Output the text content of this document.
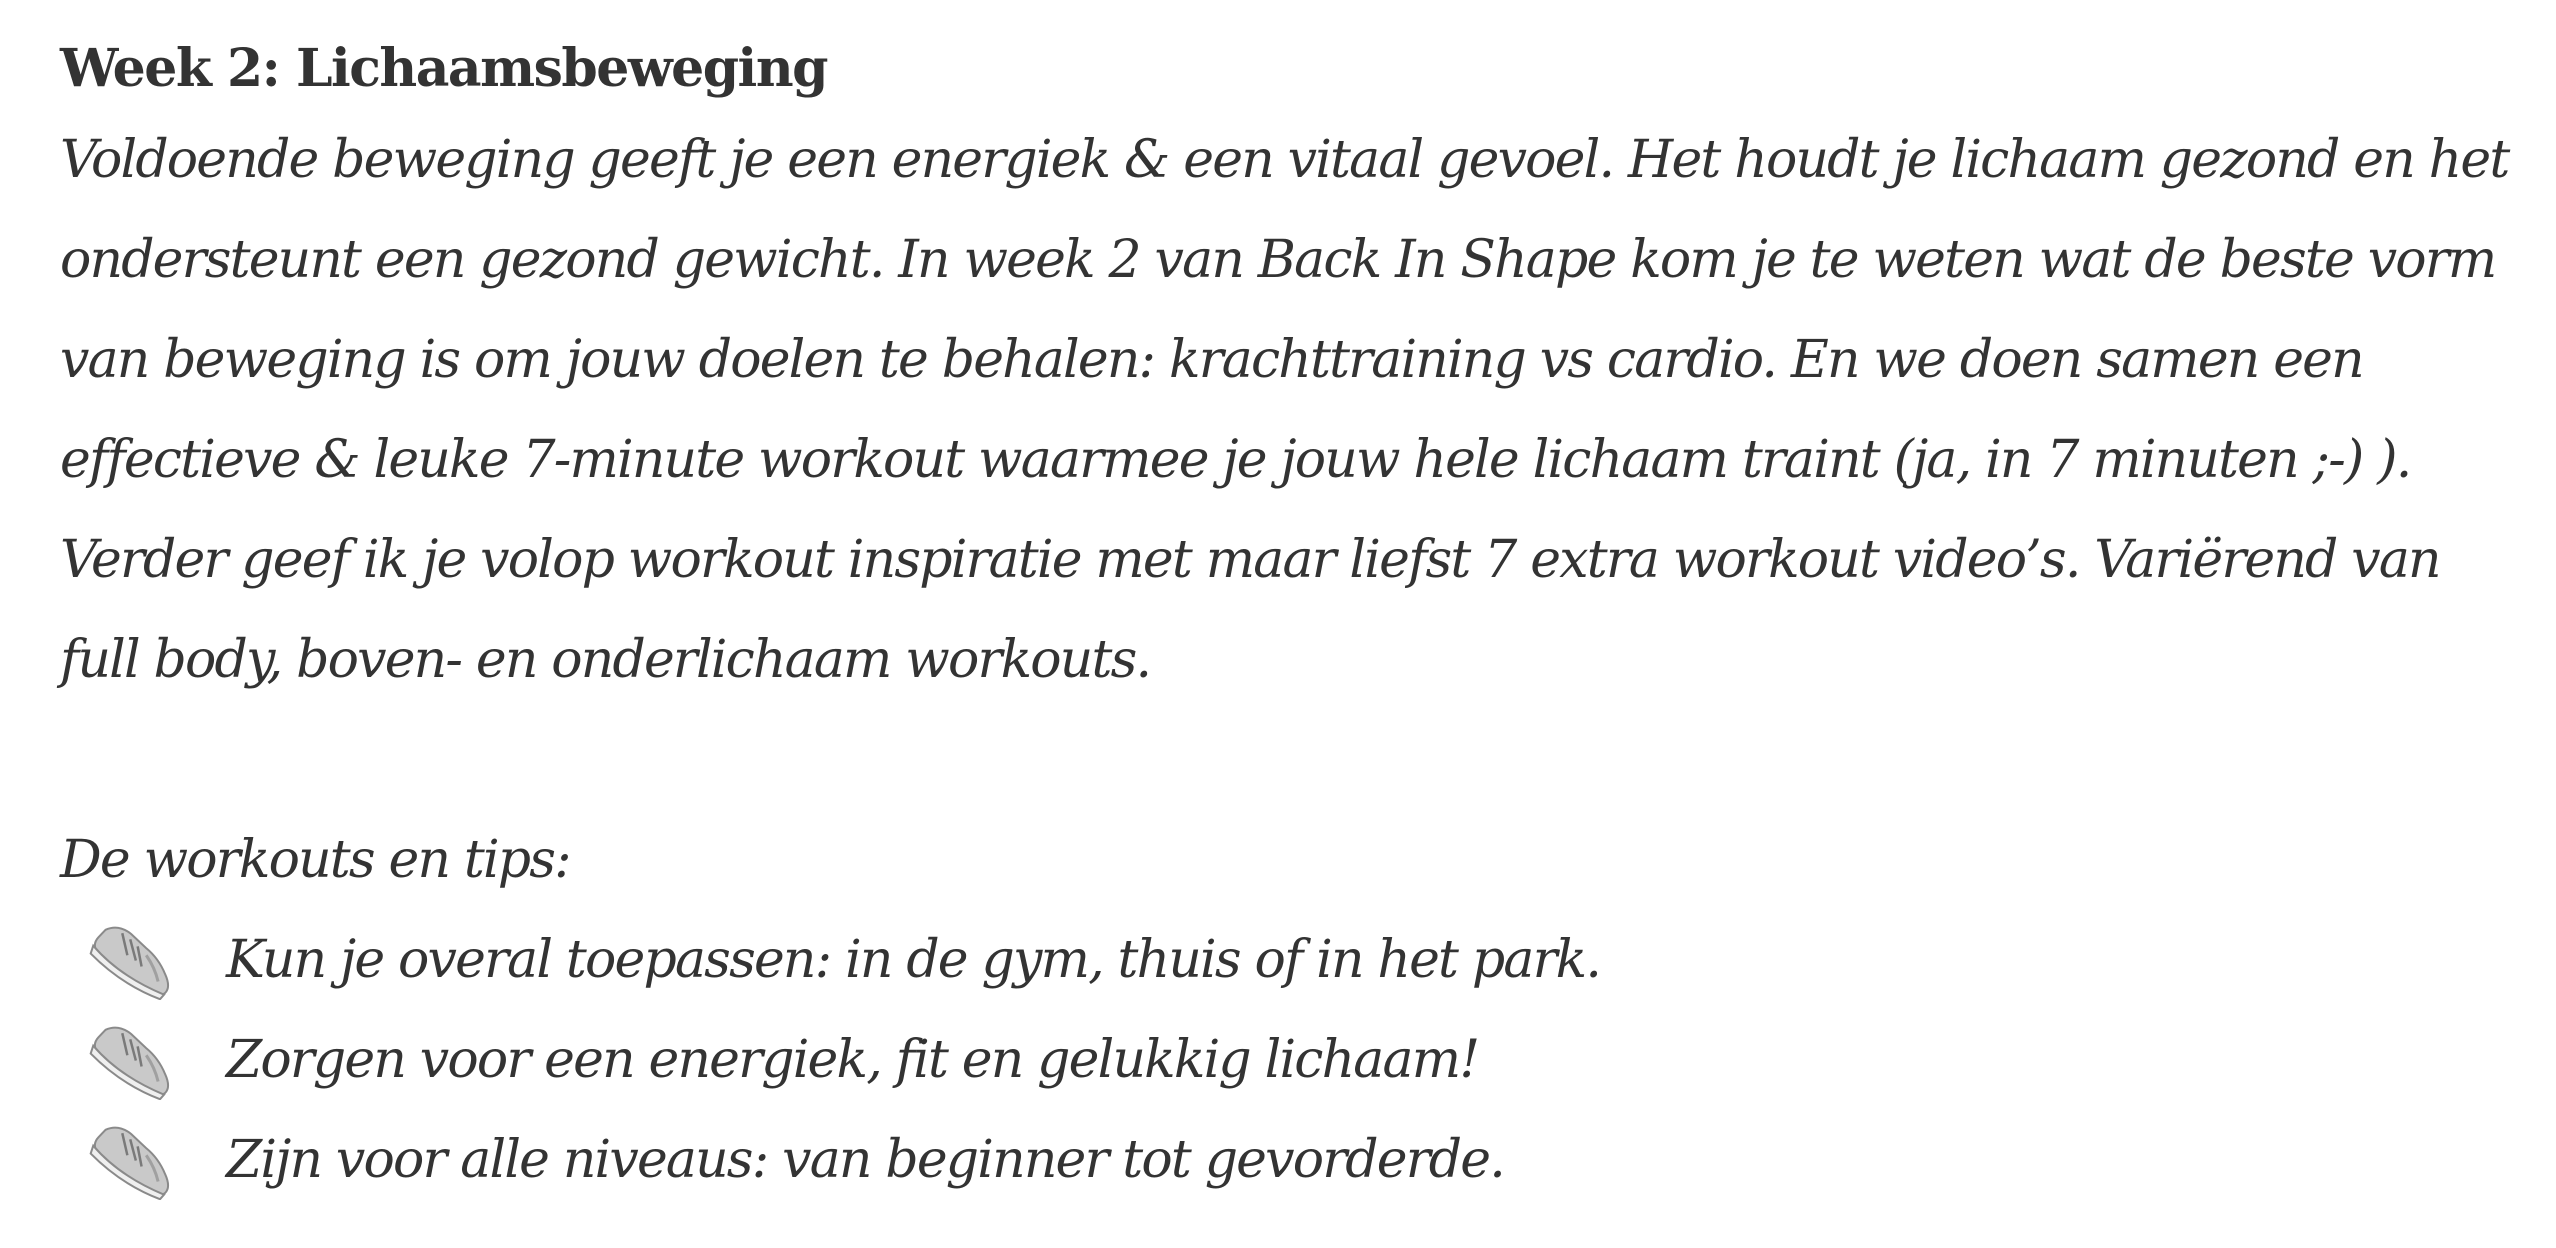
Week 2: Lichaamsbeweging

Voldoende beweging geeft je een energiek & een vitaal gevoel. Het houdt je lichaam gezond en het
ondersteunt een gezond gewicht. In week 2 van Back In Shape kom je te weten wat de beste vorm
van beweging is om jouw doelen te behalen: krachttraining vs cardio. En we doen samen een
effectieve & leuke 7-minute workout waarmee je jouw hele lichaam traint (ja, in 7 minuten ;-) ).
Verder geef ik je volop workout inspiratie met maar liefst 7 extra workout video’s. Variërend van
full body, boven- en onderlichaam workouts.

De workouts en tips:

Kun je overal toepassen: in de gym, thuis of in het park.
Zorgen voor een energiek, fit en gelukkig lichaam!
Zijn voor alle niveaus: van beginner tot gevorderde.
